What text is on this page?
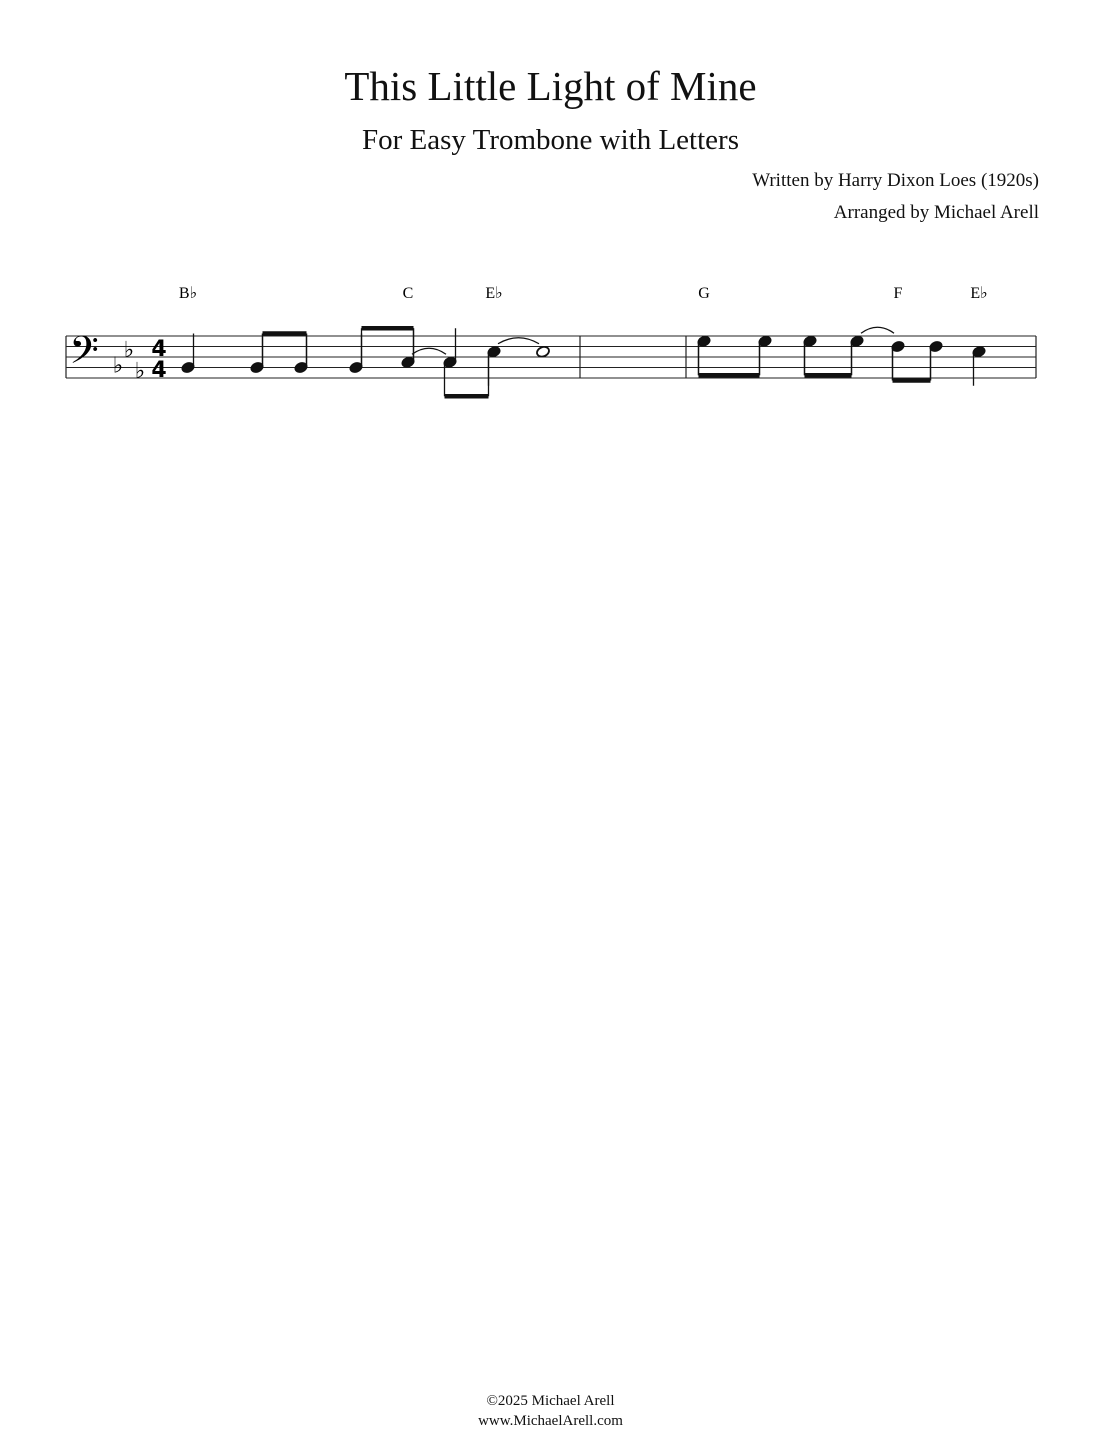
This Little Light of Mine
For Easy Trombone with Letters
Written by Harry Dixon Loes (1920s)
Arranged by Michael Arell
𝄢 ♭
♭
♭
4
4
B♭	C	E♭	G	F	E♭
©2025 Michael Arell
www.MichaelArell.com
